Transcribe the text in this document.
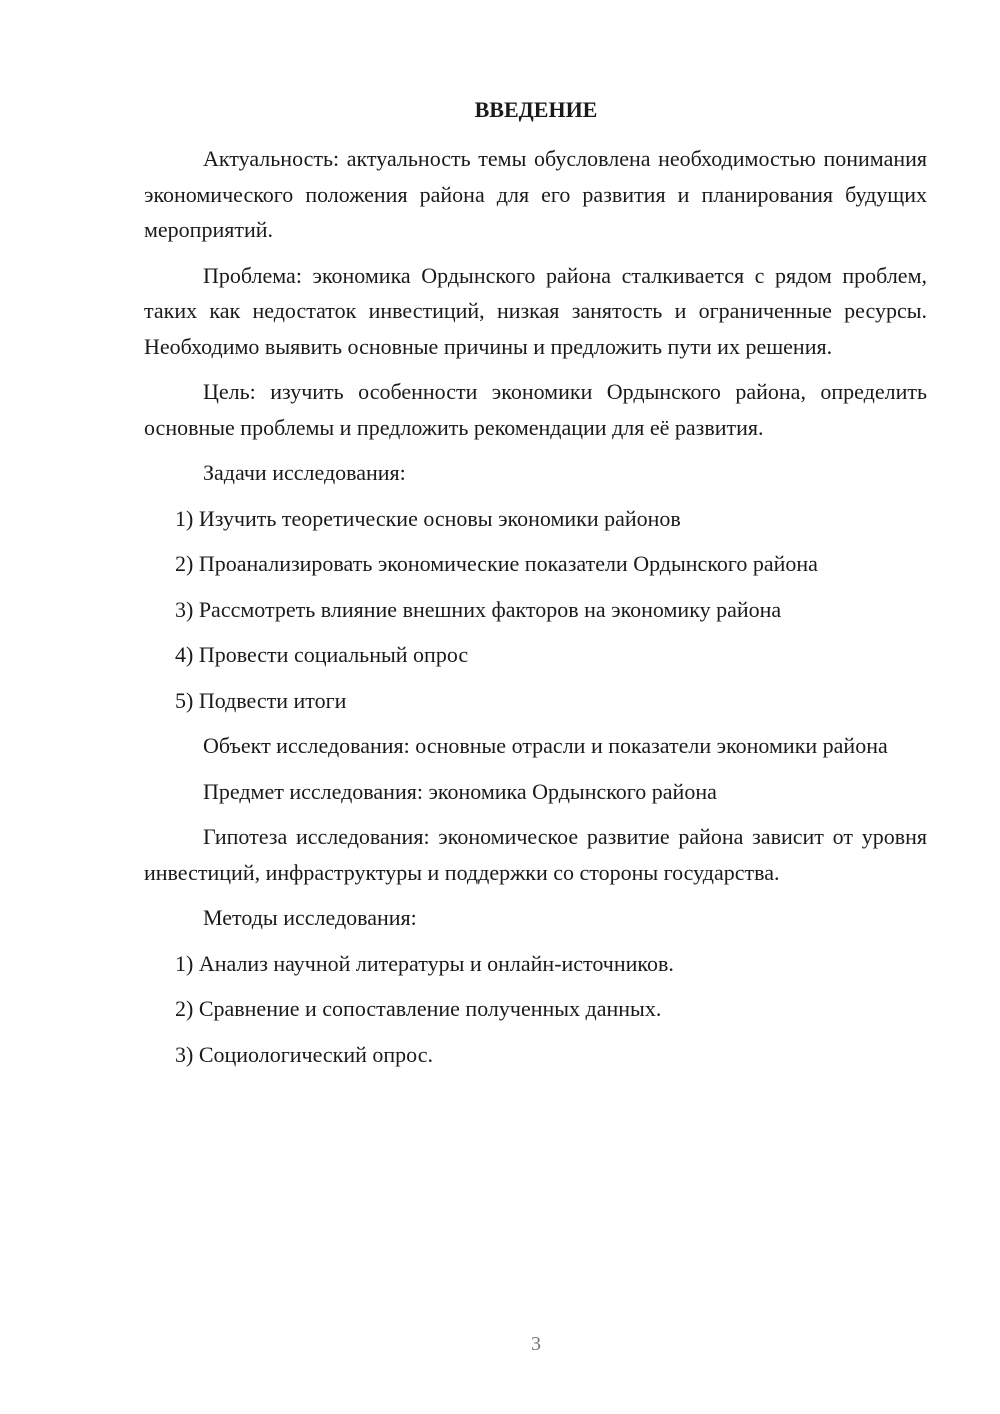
ВВЕДЕНИЕ

Актуальность: актуальность темы обусловлена необходимостью понимания экономического положения района для его развития и планирования будущих мероприятий.

Проблема: экономика Ордынского района сталкивается с рядом проблем, таких как недостаток инвестиций, низкая занятость и ограниченные ресурсы. Необходимо выявить основные причины и предложить пути их решения.

Цель: изучить особенности экономики Ордынского района, определить основные проблемы и предложить рекомендации для её развития.

Задачи исследования:

1) Изучить теоретические основы экономики районов

2) Проанализировать экономические показатели Ордынского района

3) Рассмотреть влияние внешних факторов на экономику района

4) Провести социальный опрос

5) Подвести итоги

Объект исследования: основные отрасли и показатели экономики района

Предмет исследования: экономика Ордынского района

Гипотеза исследования: экономическое развитие района зависит от уровня инвестиций, инфраструктуры и поддержки со стороны государства.

Методы исследования:

1) Анализ научной литературы и онлайн-источников.

2) Сравнение и сопоставление полученных данных.

3) Социологический опрос.

3
